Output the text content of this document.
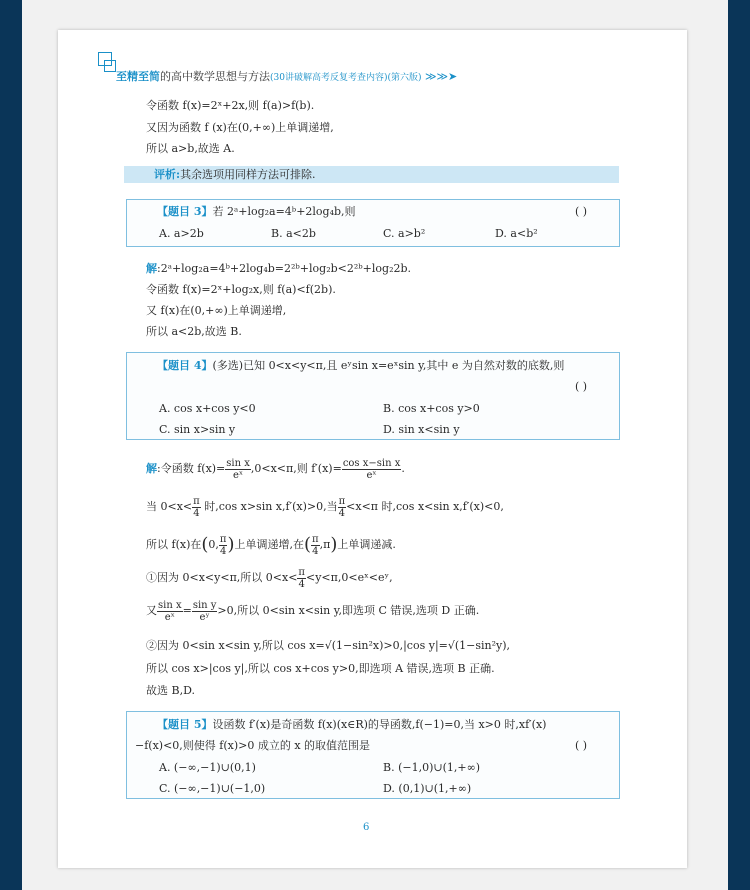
至精至简的高中数学思想与方法(30讲破解高考反复考查内容)(第六版) ≫≫➤
令函数 f(x)=2ˣ+2x,则 f(a)>f(b).
又因为函数 f (x)在(0,+∞)上单调递增,
所以 a>b,故选 A.
评析:其余选项用同样方法可排除.
【题目 3】若 2ᵃ+log₂a=4ᵇ+2log₄b,则	( )
A. a>2b	B. a<2b	C. a>b²	D. a<b²
解:2ᵃ+log₂a=4ᵇ+2log₄b=2²ᵇ+log₂b<2²ᵇ+log₂2b.
令函数 f(x)=2ˣ+log₂x,则 f(a)<f(2b).
又 f(x)在(0,+∞)上单调递增,
所以 a<2b,故选 B.
【题目 4】(多选)已知 0<x<y<π,且 eʸsin x=eˣsin y,其中 e 为自然对数的底数,则
( )
A. cos x+cos y<0	B. cos x+cos y>0
C. sin x>sin y	D. sin x<sin y
解:令函数 $f(x)= \frac{\text{sin x}}{\text{eˣ}} ,0<x<\pi$,则 $f'(x)= \frac{\text{cos x−sin x}}{\text{eˣ}}$ .
当 $0<x< \frac{\pi}{4}$ 时,cos x>sin x,f′(x)>0,当 $\frac{\pi}{4} <x<\pi$ 时,cos x<sin x,f′(x)<0,
所以 f(x)在(0, $\frac{\pi}{4}$ )上单调递增,在( $\frac{\pi}{4} ,\pi$)上单调递减.
①因为 0<x<y<π,所以 $0<x< \frac{\pi}{4}$ <y<π,0<eˣ<eʸ,
又 $\frac{\text{sin x}}{\text{eˣ}} = \frac{\text{sin y}}{\text{eʸ}} >0$,所以 0<sin x<sin y,即选项 C 错误,选项 D 正确.
②因为 0<sin x<sin y,所以 cos x=√(1−sin²x)>0,|cos y|=√(1−sin²y),
所以 cos x>|cos y|,所以 cos x+cos y>0,即选项 A 错误,选项 B 正确.
故选 B,D.
【题目 5】设函数 f′(x)是奇函数 f(x)(x∈R)的导函数,f(−1)=0,当 x>0 时,xf′(x)
−f(x)<0,则使得 f(x)>0 成立的 x 的取值范围是	( )
A. (−∞,−1)∪(0,1)	B. (−1,0)∪(1,+∞)
C. (−∞,−1)∪(−1,0)	D. (0,1)∪(1,+∞)
6
